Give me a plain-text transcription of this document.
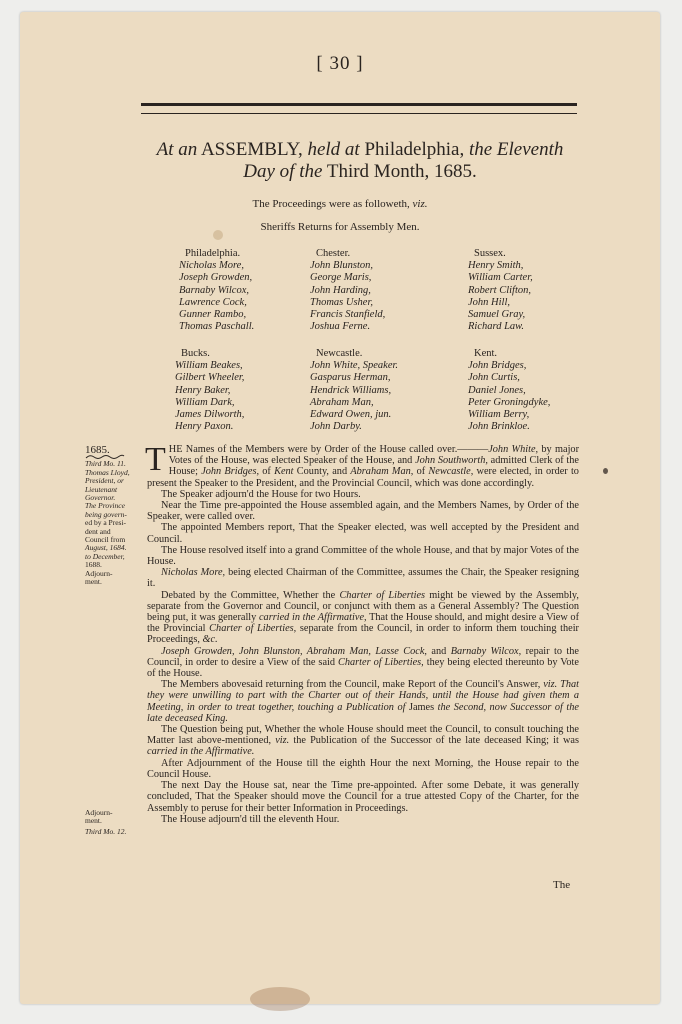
[ 30 ]
At an ASSEMBLY, held at Philadelphia, the Eleventh
Day of the Third Month, 1685.
The Proceedings were as followeth, viz.
Sheriffs Returns for Assembly Men.
Philadelphia.
Nicholas More,
Joseph Growden,
Barnaby Wilcox,
Lawrence Cock,
Gunner Rambo,
Thomas Paschall.
Chester.
John Blunston,
George Maris,
John Harding,
Thomas Usher,
Francis Stanfield,
Joshua Ferne.
Sussex.
Henry Smith,
William Carter,
Robert Clifton,
John Hill,
Samuel Gray,
Richard Law.
Bucks.
William Beakes,
Gilbert Wheeler,
Henry Baker,
William Dark,
James Dilworth,
Henry Paxon.
Newcastle.
John White, Speaker.
Gasparus Herman,
Hendrick Williams,
Abraham Man,
Edward Owen, jun.
John Darby.
Kent.
John Bridges,
John Curtis,
Daniel Jones,
Peter Groningdyke,
William Berry,
John Brinkloe.
1685.
Third Mo. 11.
Thomas Lloyd,
President, or
Lieutenant
Governor.
The Province
being govern-
ed by a Presi-
dent and
Council from
August, 1684.
to December,
1688.
Adjourn-
ment.
Adjourn-
ment.
Third Mo. 12.

THE Names of the Members were by Order of the House called over.———John White, by major Votes of the House, was elected Speaker of the House, and John Southworth, admitted Clerk of the House; John Bridges, of Kent County, and Abraham Man, of Newcastle, were elected, in order to present the Speaker to the President, and the Provincial Council, which was done accordingly.

The Speaker adjourn'd the House for two Hours.

Near the Time pre-appointed the House assembled again, and the Members Names, by Order of the Speaker, were called over.

The appointed Members report, That the Speaker elected, was well accepted by the President and Council.

The House resolved itself into a grand Committee of the whole House, and that by major Votes of the House.

Nicholas More, being elected Chairman of the Committee, assumes the Chair, the Speaker resigning it.

Debated by the Committee, Whether the Charter of Liberties might be viewed by the Assembly, separate from the Governor and Council, or conjunct with them as a General Assembly? The Question being put, it was generally carried in the Affirmative, That the House should, and might desire a View of the Provincial Charter of Liberties, separate from the Council, in order to inform them touching their Proceedings, &c.

Joseph Growden, John Blunston, Abraham Man, Lasse Cock, and Barnaby Wilcox, repair to the Council, in order to desire a View of the said Charter of Liberties, they being elected thereunto by Vote of the House.

The Members abovesaid returning from the Council, make Report of the Council's Answer, viz. That they were unwilling to part with the Charter out of their Hands, until the House had given them a Meeting, in order to treat together, touching a Publication of James the Second, now Successor of the late deceased King.

The Question being put, Whether the whole House should meet the Council, to consult touching the Matter last above-mentioned, viz. the Publication of the Successor of the late deceased King; it was carried in the Affirmative.

After Adjournment of the House till the eighth Hour the next Morning, the House repair to the Council House.

The next Day the House sat, near the Time pre-appointed. After some Debate, it was generally concluded, That the Speaker should move the Council for a true attested Copy of the Charter, for the Assembly to peruse for their better Information in Proceedings.

The House adjourn'd till the eleventh Hour.

The
